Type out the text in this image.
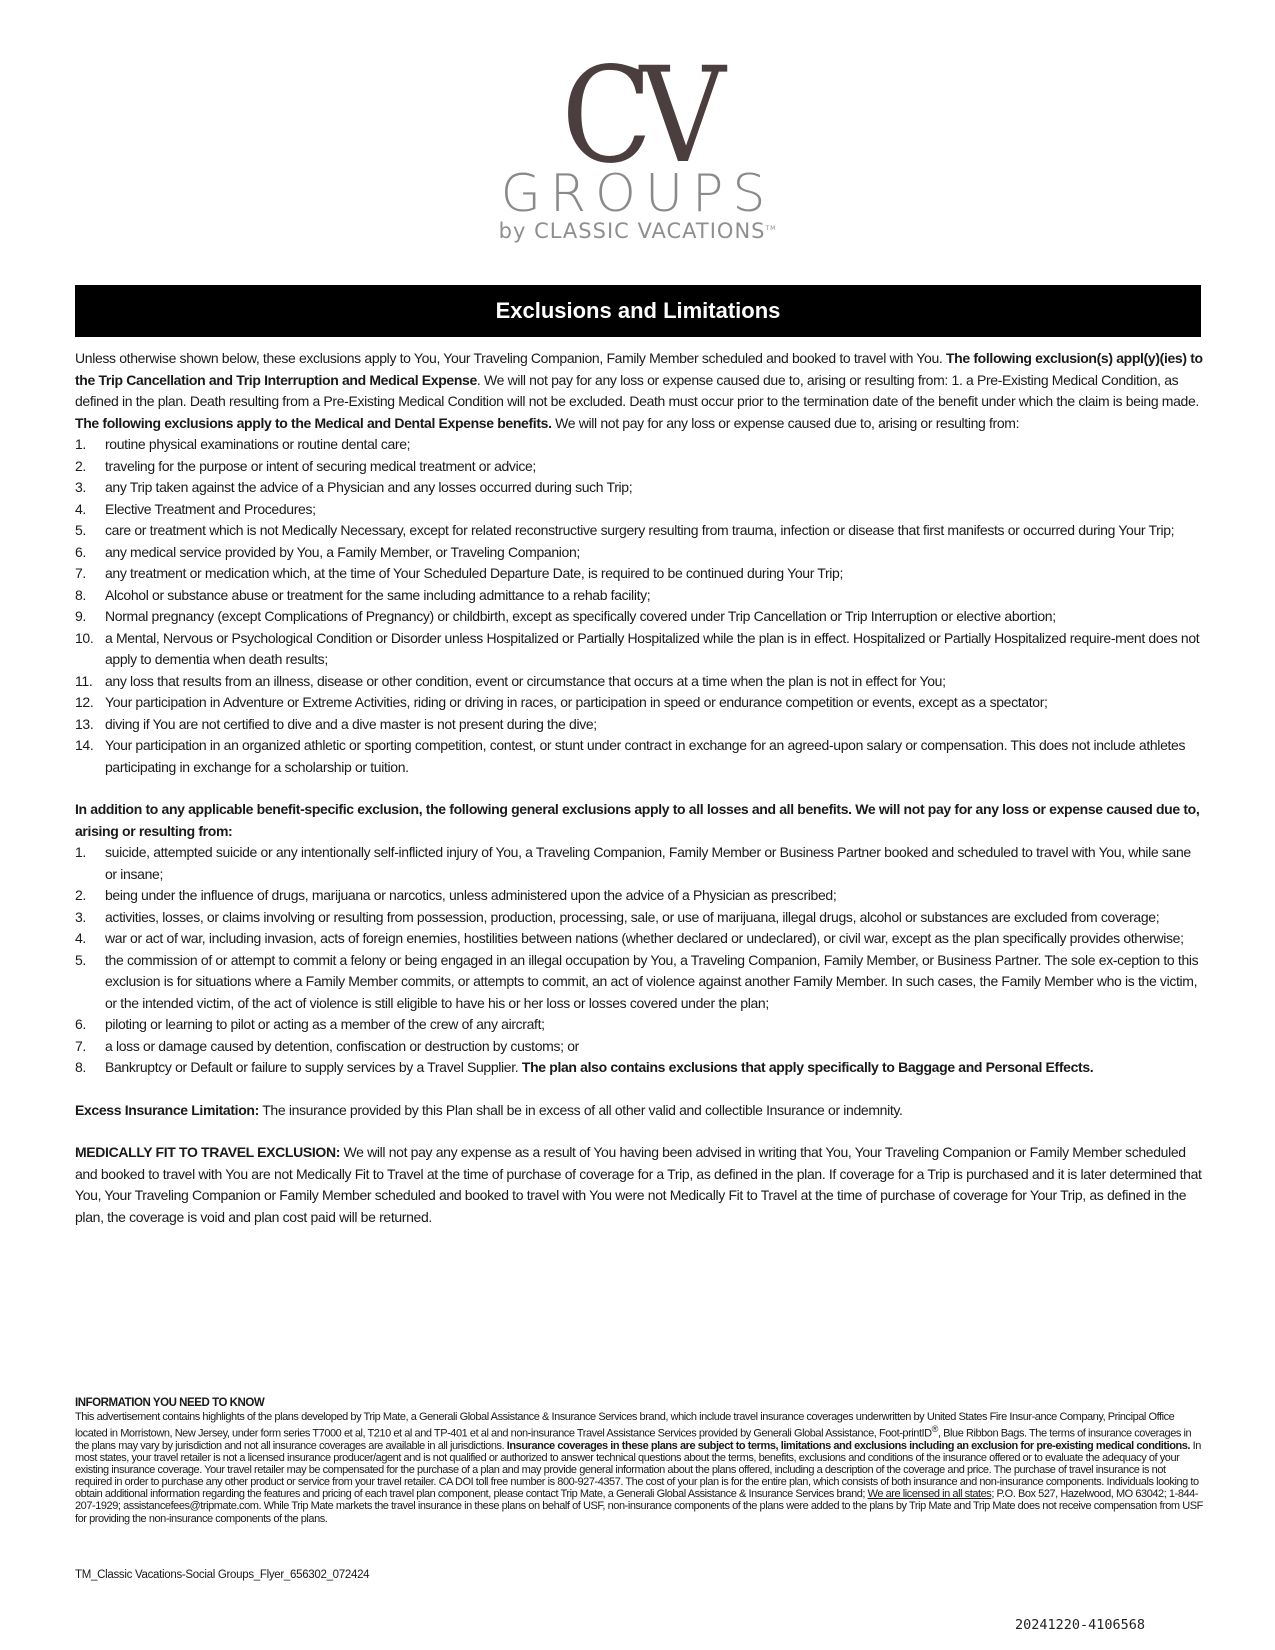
CV
GROUPS
by CLASSIC VACATIONS™
Exclusions and Limitations

Unless otherwise shown below, these exclusions apply to You, Your Traveling Companion, Family Member scheduled and booked to travel with You. The following exclusion(s) appl(y)(ies) to the Trip Cancellation and Trip Interruption and Medical Expense. We will not pay for any loss or expense caused due to, arising or resulting from: 1. a Pre-Existing Medical Condition, as defined in the plan. Death resulting from a Pre-Existing Medical Condition will not be excluded. Death must occur prior to the termination date of the benefit under which the claim is being made. The following exclusions apply to the Medical and Dental Expense benefits. We will not pay for any loss or expense caused due to, arising or resulting from:

1.	routine physical examinations or routine dental care;
2.	traveling for the purpose or intent of securing medical treatment or advice;
3.	any Trip taken against the advice of a Physician and any losses occurred during such Trip;
4.	Elective Treatment and Procedures;
5.	care or treatment which is not Medically Necessary, except for related reconstructive surgery resulting from trauma, infection or disease that first manifests or occurred during Your Trip;
6.	any medical service provided by You, a Family Member, or Traveling Companion;
7.	any treatment or medication which, at the time of Your Scheduled Departure Date, is required to be continued during Your Trip;
8.	Alcohol or substance abuse or treatment for the same including admittance to a rehab facility;
9.	Normal pregnancy (except Complications of Pregnancy) or childbirth, except as specifically covered under Trip Cancellation or Trip Interruption or elective abortion;
10. a Mental, Nervous or Psychological Condition or Disorder unless Hospitalized or Partially Hospitalized while the plan is in effect. Hospitalized or Partially Hospitalized require-ment does not apply to dementia when death results;
11. any loss that results from an illness, disease or other condition, event or circumstance that occurs at a time when the plan is not in effect for You;
12. Your participation in Adventure or Extreme Activities, riding or driving in races, or participation in speed or endurance competition or events, except as a spectator;
13. diving if You are not certified to dive and a dive master is not present during the dive;
14. Your participation in an organized athletic or sporting competition, contest, or stunt under contract in exchange for an agreed-upon salary or compensation. This does not include athletes participating in exchange for a scholarship or tuition.

In addition to any applicable benefit-specific exclusion, the following general exclusions apply to all losses and all benefits. We will not pay for any loss or expense caused due to, arising or resulting from:

1.	suicide, attempted suicide or any intentionally self-inflicted injury of You, a Traveling Companion, Family Member or Business Partner booked and scheduled to travel with You, while sane or insane;
2.	being under the influence of drugs, marijuana or narcotics, unless administered upon the advice of a Physician as prescribed;
3.	activities, losses, or claims involving or resulting from possession, production, processing, sale, or use of marijuana, illegal drugs, alcohol or substances are excluded from coverage;
4.	war or act of war, including invasion, acts of foreign enemies, hostilities between nations (whether declared or undeclared), or civil war, except as the plan specifically provides otherwise;
5.	the commission of or attempt to commit a felony or being engaged in an illegal occupation by You, a Traveling Companion, Family Member, or Business Partner. The sole ex-ception to this exclusion is for situations where a Family Member commits, or attempts to commit, an act of violence against another Family Member. In such cases, the Family Member who is the victim, or the intended victim, of the act of violence is still eligible to have his or her loss or losses covered under the plan;
6.	piloting or learning to pilot or acting as a member of the crew of any aircraft;
7.	a loss or damage caused by detention, confiscation or destruction by customs; or
8.	Bankruptcy or Default or failure to supply services by a Travel Supplier. The plan also contains exclusions that apply specifically to Baggage and Personal Effects.

Excess Insurance Limitation: The insurance provided by this Plan shall be in excess of all other valid and collectible Insurance or indemnity.

MEDICALLY FIT TO TRAVEL EXCLUSION: We will not pay any expense as a result of You having been advised in writing that You, Your Traveling Companion or Family Member scheduled and booked to travel with You are not Medically Fit to Travel at the time of purchase of coverage for a Trip, as defined in the plan. If coverage for a Trip is purchased and it is later determined that You, Your Traveling Companion or Family Member scheduled and booked to travel with You were not Medically Fit to Travel at the time of purchase of coverage for Your Trip, as defined in the plan, the coverage is void and plan cost paid will be returned.

INFORMATION YOU NEED TO KNOW

This advertisement contains highlights of the plans developed by Trip Mate, a Generali Global Assistance & Insurance Services brand, which include travel insurance coverages underwritten by United States Fire Insur-ance Company, Principal Office located in Morristown, New Jersey, under form series T7000 et al, T210 et al and TP-401 et al and non-insurance Travel Assistance Services provided by Generali Global Assistance, Foot-printID®, Blue Ribbon Bags. The terms of insurance coverages in the plans may vary by jurisdiction and not all insurance coverages are available in all jurisdictions. Insurance coverages in these plans are subject to terms, limitations and exclusions including an exclusion for pre-existing medical conditions. In most states, your travel retailer is not a licensed insurance producer/agent and is not qualified or authorized to answer technical questions about the terms, benefits, exclusions and conditions of the insurance offered or to evaluate the adequacy of your existing insurance coverage. Your travel retailer may be compensated for the purchase of a plan and may provide general information about the plans offered, including a description of the coverage and price. The purchase of travel insurance is not required in order to purchase any other product or service from your travel retailer. CA DOI toll free number is 800-927-4357. The cost of your plan is for the entire plan, which consists of both insurance and non-insurance components. Individuals looking to obtain additional information regarding the features and pricing of each travel plan component, please contact Trip Mate, a Generali Global Assistance & Insurance Services brand; We are licensed in all states; P.O. Box 527, Hazelwood, MO 63042; 1-844-207-1929; assistancefees@tripmate.com. While Trip Mate markets the travel insurance in these plans on behalf of USF, non-insurance components of the plans were added to the plans by Trip Mate and Trip Mate does not receive compensation from USF for providing the non-insurance components of the plans.

TM_Classic Vacations-Social Groups_Flyer_656302_072424
20241220-4106568
